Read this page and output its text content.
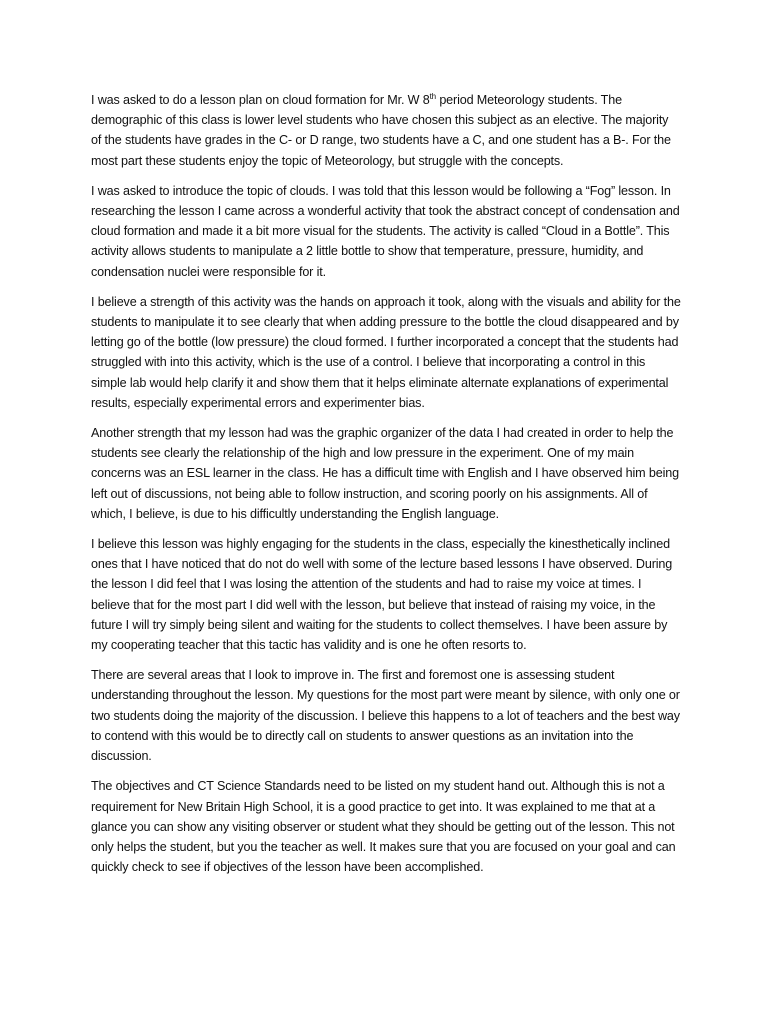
I was asked to do a lesson plan on cloud formation for Mr. W 8th period Meteorology students. The demographic of this class is lower level students who have chosen this subject as an elective. The majority of the students have grades in the C- or D range, two students have a C, and one student has a B-. For the most part these students enjoy the topic of Meteorology, but struggle with the concepts.

I was asked to introduce the topic of clouds. I was told that this lesson would be following a “Fog” lesson. In researching the lesson I came across a wonderful activity that took the abstract concept of condensation and cloud formation and made it a bit more visual for the students. The activity is called “Cloud in a Bottle”. This activity allows students to manipulate a 2 little bottle to show that temperature, pressure, humidity, and condensation nuclei were responsible for it.

I believe a strength of this activity was the hands on approach it took, along with the visuals and ability for the students to manipulate it to see clearly that when adding pressure to the bottle the cloud disappeared and by letting go of the bottle (low pressure) the cloud formed. I further incorporated a concept that the students had struggled with into this activity, which is the use of a control. I believe that incorporating a control in this simple lab would help clarify it and show them that it helps eliminate alternate explanations of experimental results, especially experimental errors and experimenter bias.

Another strength that my lesson had was the graphic organizer of the data I had created in order to help the students see clearly the relationship of the high and low pressure in the experiment. One of my main concerns was an ESL learner in the class. He has a difficult time with English and I have observed him being left out of discussions, not being able to follow instruction, and scoring poorly on his assignments. All of which, I believe, is due to his difficultly understanding the English language.

I believe this lesson was highly engaging for the students in the class, especially the kinesthetically inclined ones that I have noticed that do not do well with some of the lecture based lessons I have observed. During the lesson I did feel that I was losing the attention of the students and had to raise my voice at times. I believe that for the most part I did well with the lesson, but believe that instead of raising my voice, in the future I will try simply being silent and waiting for the students to collect themselves. I have been assure by my cooperating teacher that this tactic has validity and is one he often resorts to.

There are several areas that I look to improve in. The first and foremost one is assessing student understanding throughout the lesson. My questions for the most part were meant by silence, with only one or two students doing the majority of the discussion. I believe this happens to a lot of teachers and the best way to contend with this would be to directly call on students to answer questions as an invitation into the discussion.

The objectives and CT Science Standards need to be listed on my student hand out. Although this is not a requirement for New Britain High School, it is a good practice to get into. It was explained to me that at a glance you can show any visiting observer or student what they should be getting out of the lesson. This not only helps the student, but you the teacher as well. It makes sure that you are focused on your goal and can quickly check to see if objectives of the lesson have been accomplished.
